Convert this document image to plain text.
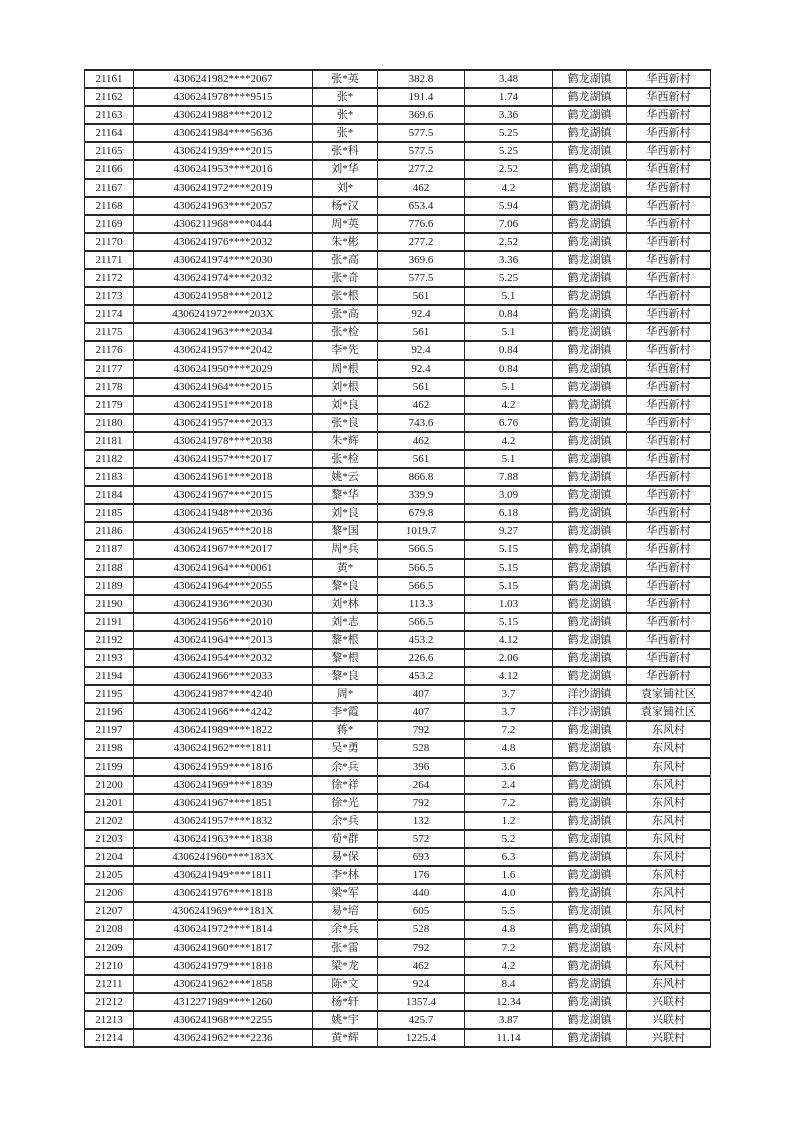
21161	4306241982****2067	张*英	382.8	3.48	鹤龙湖镇	华西新村
21162	4306241978****9515	张*	191.4	1.74	鹤龙湖镇	华西新村
21163	4306241988****2012	张*	369.6	3.36	鹤龙湖镇	华西新村
21164	4306241984****5636	张*	577.5	5.25	鹤龙湖镇	华西新村
21165	4306241939****2015	张*科	577.5	5.25	鹤龙湖镇	华西新村
21166	4306241953****2016	刘*华	277.2	2.52	鹤龙湖镇	华西新村
21167	4306241972****2019	刘*	462	4.2	鹤龙湖镇	华西新村
21168	4306241963****2057	杨*汉	653.4	5.94	鹤龙湖镇	华西新村
21169	4306211968****0444	周*英	776.6	7.06	鹤龙湖镇	华西新村
21170	4306241976****2032	朱*彬	277.2	2.52	鹤龙湖镇	华西新村
21171	4306241974****2030	张*高	369.6	3.36	鹤龙湖镇	华西新村
21172	4306241974****2032	张*奇	577.5	5.25	鹤龙湖镇	华西新村
21173	4306241958****2012	张*根	561	5.1	鹤龙湖镇	华西新村
21174	4306241972****203X	张*高	92.4	0.84	鹤龙湖镇	华西新村
21175	4306241963****2034	张*检	561	5.1	鹤龙湖镇	华西新村
21176	4306241957****2042	李*先	92.4	0.84	鹤龙湖镇	华西新村
21177	4306241950****2029	周*根	92.4	0.84	鹤龙湖镇	华西新村
21178	4306241964****2015	刘*根	561	5.1	鹤龙湖镇	华西新村
21179	4306241951****2018	刘*良	462	4.2	鹤龙湖镇	华西新村
21180	4306241957****2033	张*良	743.6	6.76	鹤龙湖镇	华西新村
21181	4306241978****2038	朱*辉	462	4.2	鹤龙湖镇	华西新村
21182	4306241957****2017	张*检	561	5.1	鹤龙湖镇	华西新村
21183	4306241961****2018	姚*云	866.8	7.88	鹤龙湖镇	华西新村
21184	4306241967****2015	黎*华	339.9	3.09	鹤龙湖镇	华西新村
21185	4306241948****2036	刘*良	679.8	6.18	鹤龙湖镇	华西新村
21186	4306241965****2018	黎*国	1019.7	9.27	鹤龙湖镇	华西新村
21187	4306241967****2017	周*兵	566.5	5.15	鹤龙湖镇	华西新村
21188	4306241964****0061	黄*	566.5	5.15	鹤龙湖镇	华西新村
21189	4306241964****2055	黎*良	566.5	5.15	鹤龙湖镇	华西新村
21190	4306241936****2030	刘*林	113.3	1.03	鹤龙湖镇	华西新村
21191	4306241956****2010	刘*志	566.5	5.15	鹤龙湖镇	华西新村
21192	4306241964****2013	黎*根	453.2	4.12	鹤龙湖镇	华西新村
21193	4306241954****2032	黎*根	226.6	2.06	鹤龙湖镇	华西新村
21194	4306241966****2033	黎*良	453.2	4.12	鹤龙湖镇	华西新村
21195	4306241987****4240	周*	407	3.7	洋沙湖镇	袁家铺社区
21196	4306241966****4242	李*霞	407	3.7	洋沙湖镇	袁家铺社区
21197	4306241989****1822	蒋*	792	7.2	鹤龙湖镇	东风村
21198	4306241962****1811	吴*勇	528	4.8	鹤龙湖镇	东风村
21199	4306241959****1816	余*兵	396	3.6	鹤龙湖镇	东风村
21200	4306241969****1839	徐*祥	264	2.4	鹤龙湖镇	东风村
21201	4306241967****1851	徐*光	792	7.2	鹤龙湖镇	东风村
21202	4306241957****1832	余*兵	132	1.2	鹤龙湖镇	东风村
21203	4306241963****1838	荀*群	572	5.2	鹤龙湖镇	东风村
21204	4306241960****183X	易*保	693	6.3	鹤龙湖镇	东风村
21205	4306241949****1811	李*林	176	1.6	鹤龙湖镇	东风村
21206	4306241976****1818	梁*军	440	4.0	鹤龙湖镇	东风村
21207	4306241969****181X	易*培	605	5.5	鹤龙湖镇	东风村
21208	4306241972****1814	余*兵	528	4.8	鹤龙湖镇	东风村
21209	4306241960****1817	张*雷	792	7.2	鹤龙湖镇	东风村
21210	4306241979****1818	梁*龙	462	4.2	鹤龙湖镇	东风村
21211	4306241962****1858	陈*文	924	8.4	鹤龙湖镇	东风村
21212	4312271989****1260	杨*轩	1357.4	12.34	鹤龙湖镇	兴联村
21213	4306241968****2255	姚*宇	425.7	3.87	鹤龙湖镇	兴联村
21214	4306241962****2236	黄*辉	1225.4	11.14	鹤龙湖镇	兴联村
